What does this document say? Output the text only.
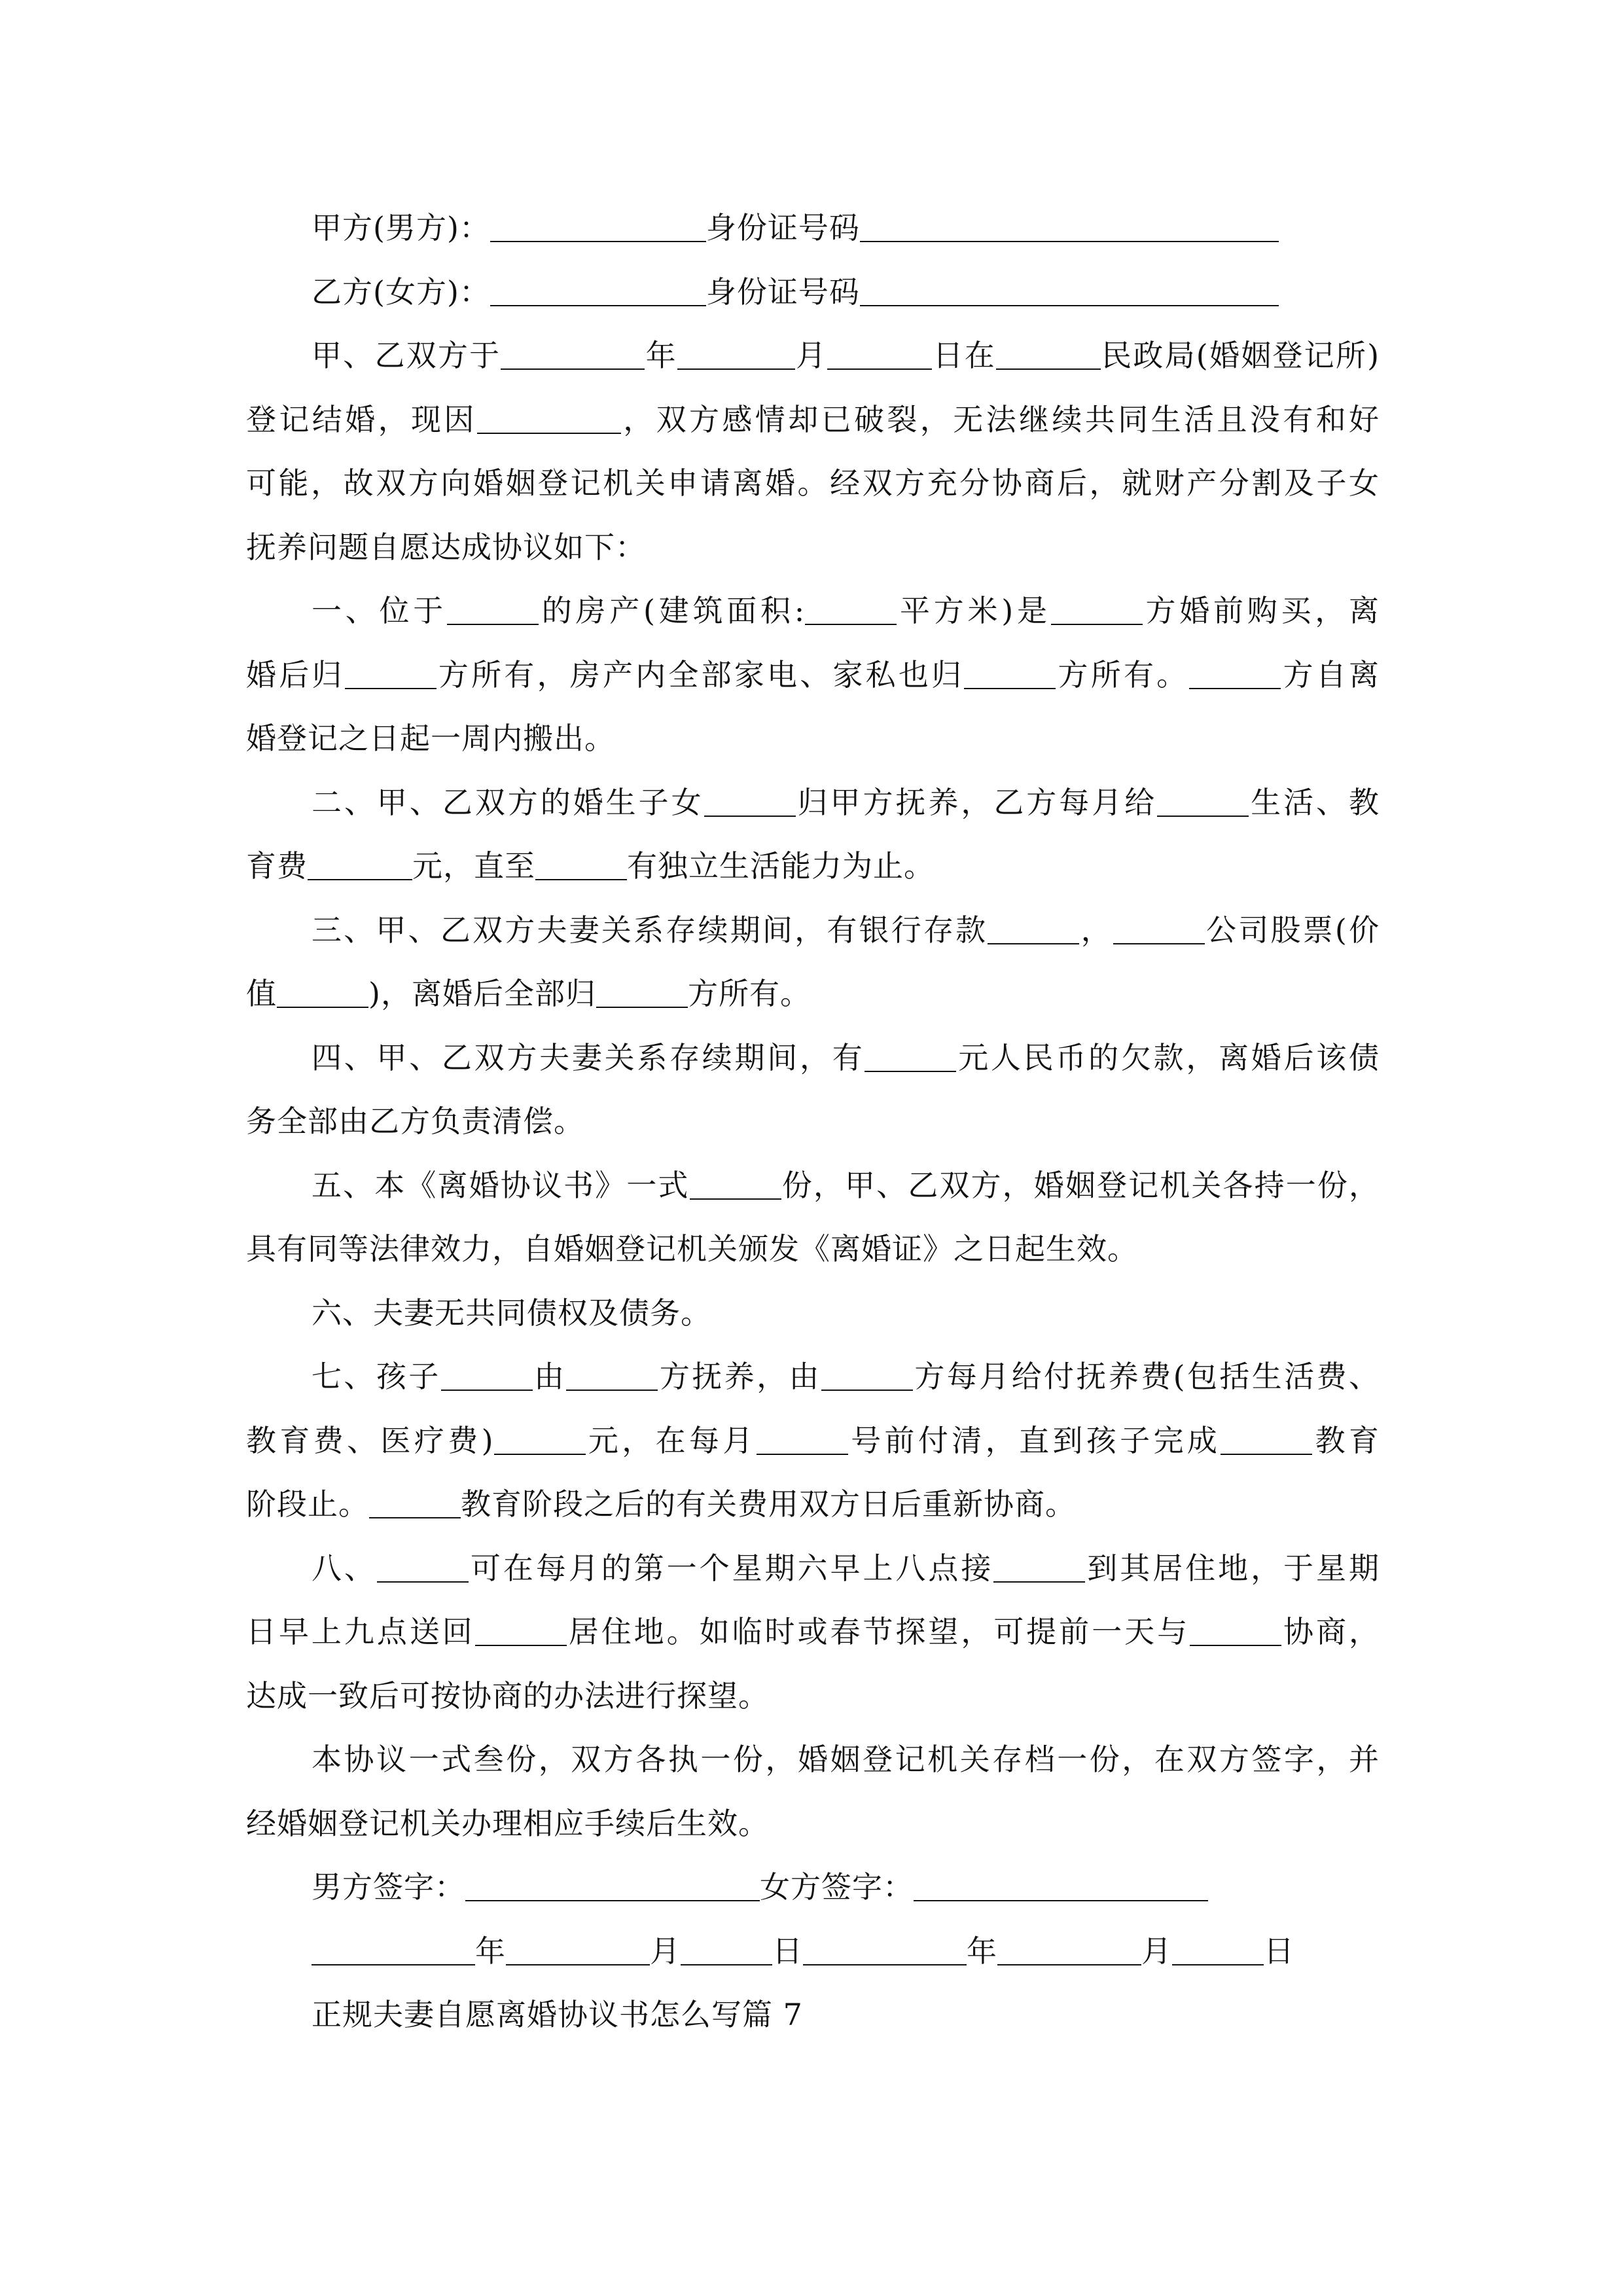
甲方(男方)：	身份证号码
乙方(女方)：	身份证号码
甲、乙双方于	年	月	日在	民政局(婚姻登记所)
登记结婚，现因	，双方感情却已破裂，无法继续共同生活且没有和好
可能，故双方向婚姻登记机关申请离婚。经双方充分协商后，就财产分割及子女
抚养问题自愿达成协议如下：
一、位于	的房产(建筑面积:	平方米)是	方婚前购买，离
婚后归	方所有，房产内全部家电、家私也归	方所有。	方自离
婚登记之日起一周内搬出。
二、甲、乙双方的婚生子女	归甲方抚养，乙方每月给	生活、教
育费	元，直至	有独立生活能力为止。
三、甲、乙双方夫妻关系存续期间，有银行存款	，	公司股票(价
值	)，离婚后全部归	方所有。
四、甲、乙双方夫妻关系存续期间，有	元人民币的欠款，离婚后该债
务全部由乙方负责清偿。
五、本《离婚协议书》一式	份，甲、乙双方，婚姻登记机关各持一份，
具有同等法律效力，自婚姻登记机关颁发《离婚证》之日起生效。
六、夫妻无共同债权及债务。
七、孩子	由	方抚养，由	方每月给付抚养费(包括生活费、
教育费、医疗费)	元，在每月	号前付清，直到孩子完成	教育
阶段止。	教育阶段之后的有关费用双方日后重新协商。
八、	可在每月的第一个星期六早上八点接	到其居住地，于星期
日早上九点送回	居住地。如临时或春节探望，可提前一天与	协商，
达成一致后可按协商的办法进行探望。
本协议一式叁份，双方各执一份，婚姻登记机关存档一份，在双方签字，并
经婚姻登记机关办理相应手续后生效。
男方签字：	女方签字：
年	月	日	年	月	日
正规夫妻自愿离婚协议书怎么写篇 7
